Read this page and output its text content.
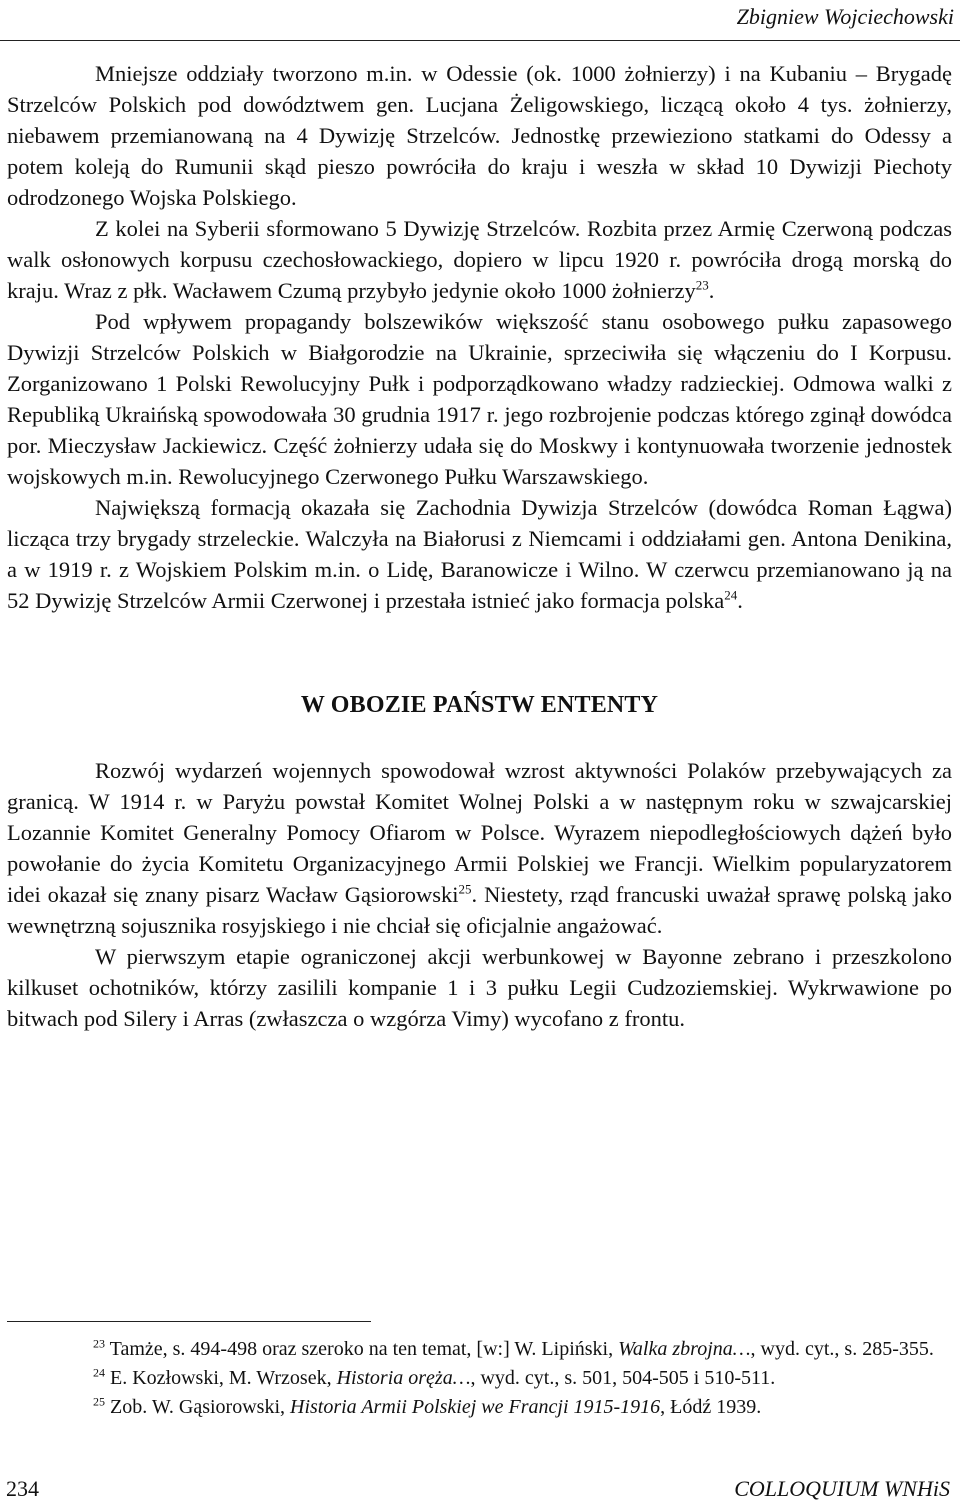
Zbigniew Wojciechowski

Mniejsze oddziały tworzono m.in. w Odessie (ok. 1000 żołnierzy) i na Kubaniu – Brygadę Strzelców Polskich pod dowództwem gen. Lucjana Żeligowskiego, liczącą około 4 tys. żołnierzy, niebawem przemianowaną na 4 Dywizję Strzelców. Jednostkę przewieziono statkami do Odessy a potem koleją do Rumunii skąd pieszo powróciła do kraju i weszła w skład 10 Dywizji Piechoty odrodzonego Wojska Polskiego.

Z kolei na Syberii sformowano 5 Dywizję Strzelców. Rozbita przez Armię Czerwoną podczas walk osłonowych korpusu czechosłowackiego, dopiero w lipcu 1920 r. powróciła drogą morską do kraju. Wraz z płk. Wacławem Czumą przybyło jedynie około 1000 żołnierzy$^{23}$.

Pod wpływem propagandy bolszewików większość stanu osobowego pułku zapasowego Dywizji Strzelców Polskich w Białgorodzie na Ukrainie, sprzeciwiła się włączeniu do I Korpusu. Zorganizowano 1 Polski Rewolucyjny Pułk i podporządkowano władzy radzieckiej. Odmowa walki z Republiką Ukraińską spowodowała 30 grudnia 1917 r. jego rozbrojenie podczas którego zginął dowódca por. Mieczysław Jackiewicz. Część żołnierzy udała się do Moskwy i kontynuowała tworzenie jednostek wojskowych m.in. Rewolucyjnego Czerwonego Pułku Warszawskiego.

Największą formacją okazała się Zachodnia Dywizja Strzelców (dowódca Roman Łągwa) licząca trzy brygady strzeleckie. Walczyła na Białorusi z Niemcami i oddziałami gen. Antona Denikina, a w 1919 r. z Wojskiem Polskim m.in. o Lidę, Baranowicze i Wilno. W czerwcu przemianowano ją na 52 Dywizję Strzelców Armii Czerwonej i przestała istnieć jako formacja polska$^{24}$.

W OBOZIE PAŃSTW ENTENTY

Rozwój wydarzeń wojennych spowodował wzrost aktywności Polaków przebywających za granicą. W 1914 r. w Paryżu powstał Komitet Wolnej Polski a w następnym roku w szwajcarskiej Lozannie Komitet Generalny Pomocy Ofiarom w Polsce. Wyrazem niepodległościowych dążeń było powołanie do życia Komitetu Organizacyjnego Armii Polskiej we Francji. Wielkim popularyzatorem idei okazał się znany pisarz Wacław Gąsiorowski$^{25}$. Niestety, rząd francuski uważał sprawę polską jako wewnętrzną sojusznika rosyjskiego i nie chciał się oficjalnie angażować.

W pierwszym etapie ograniczonej akcji werbunkowej w Bayonne zebrano i przeszkolono kilkuset ochotników, którzy zasilili kompanie 1 i 3 pułku Legii Cudzoziemskiej. Wykrwawione po bitwach pod Silery i Arras (zwłaszcza o wzgórza Vimy) wycofano z frontu.

$^{23}$ Tamże, s. 494-498 oraz szeroko na ten temat, [w:] W. Lipiński, Walka zbrojna…, wyd. cyt., s. 285-355.

$^{24}$ E. Kozłowski, M. Wrzosek, Historia oręża…, wyd. cyt., s. 501, 504-505 i 510-511.

$^{25}$ Zob. W. Gąsiorowski, Historia Armii Polskiej we Francji 1915-1916, Łódź 1939.

234	COLLOQUIUM WNHiS
